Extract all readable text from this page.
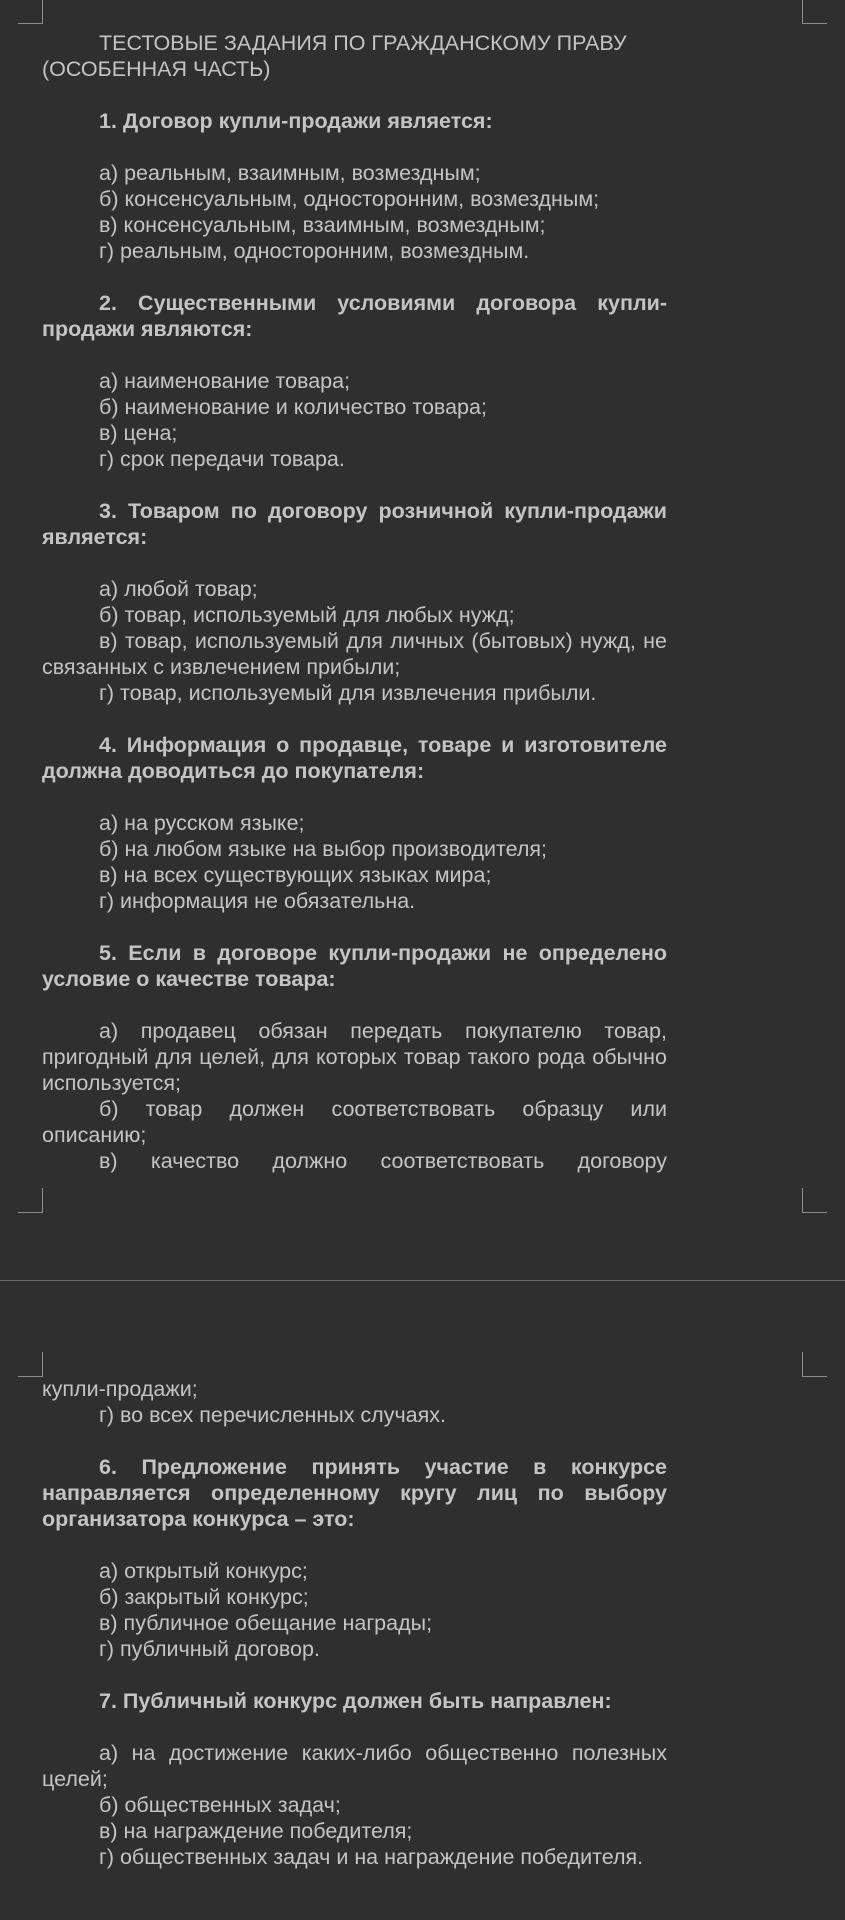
ТЕСТОВЫЕ ЗАДАНИЯ ПО ГРАЖДАНСКОМУ ПРАВУ

(ОСОБЕННАЯ ЧАСТЬ)

1. Договор купли-продажи является:

а) реальным, взаимным, возмездным;

б) консенсуальным, односторонним, возмездным;

в) консенсуальным, взаимным, возмездным;

г) реальным, односторонним, возмездным.

2. Существенными условиями договора купли-продажи являются:

а) наименование товара;

б) наименование и количество товара;

в) цена;

г) срок передачи товара.

3. Товаром по договору розничной купли-продажи является:

а) любой товар;

б) товар, используемый для любых нужд;

в) товар, используемый для личных (бытовых) нужд, не связанных с извлечением прибыли;

г) товар, используемый для извлечения прибыли.

4. Информация о продавце, товаре и изготовителе должна доводиться до покупателя:

а) на русском языке;

б) на любом языке на выбор производителя;

в) на всех существующих языках мира;

г) информация не обязательна.

5. Если в договоре купли-продажи не определено условие о качестве товара:

а) продавец обязан передать покупателю товар, пригодный для целей, для которых товар такого рода обычно используется;

б) товар должен соответствовать образцу или описанию;

в) качество должно соответствовать договору

купли-продажи;

г) во всех перечисленных случаях.

6. Предложение принять участие в конкурсе направляется определенному кругу лиц по выбору организатора конкурса – это:

а) открытый конкурс;

б) закрытый конкурс;

в) публичное обещание награды;

г) публичный договор.

7. Публичный конкурс должен быть направлен:

а) на достижение каких-либо общественно полезных целей;

б) общественных задач;

в) на награждение победителя;

г) общественных задач и на награждение победителя.
